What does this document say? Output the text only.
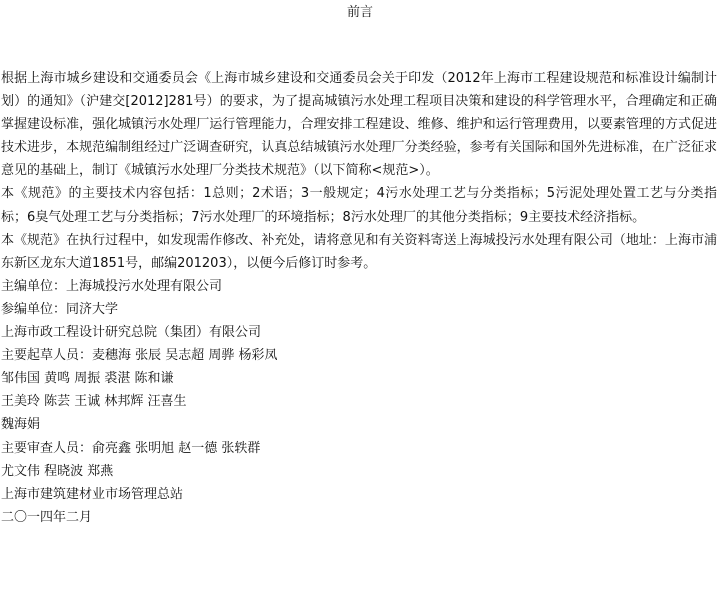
前言

根据上海市城乡建设和交通委员会《上海市城乡建设和交通委员会关于印发（2012年上海市工程建设规范和标准设计编制计划）的通知》（沪建交[2012]281号）的要求，为了提高城镇污水处理工程项目决策和建设的科学管理水平，合理确定和正确掌握建设标准，强化城镇污水处理厂运行管理能力，合理安排工程建设、维修、维护和运行管理费用，以要素管理的方式促进技术进步，本规范编制组经过广泛调查研究，认真总结城镇污水处理厂分类经验，参考有关国际和国外先进标准，在广泛征求意见的基础上，制订《城镇污水处理厂分类技术规范》（以下简称<规范>）。

本《规范》的主要技术内容包括：1总则；2术语；3一般规定；4污水处理工艺与分类指标；5污泥处理处置工艺与分类指标；6臭气处理工艺与分类指标；7污水处理厂的环境指标；8污水处理厂的其他分类指标；9主要技术经济指标。

本《规范》在执行过程中，如发现需作修改、补充处，请将意见和有关资料寄送上海城投污水处理有限公司（地址：上海市浦东新区龙东大道1851号，邮编201203），以便今后修订时参考。

主编单位：上海城投污水处理有限公司
参编单位：同济大学
上海市政工程设计研究总院（集团）有限公司
主要起草人员：麦穗海 张辰 吴志超 周骅 杨彩凤
邹伟国 黄鸣 周振 裘湛 陈和谦
王美玲 陈芸 王诚 林邦辉 汪喜生
魏海娟
主要审查人员：俞亮鑫 张明旭 赵一德 张轶群
尤文伟 程晓波 郑燕
上海市建筑建材业市场管理总站
二〇一四年二月
